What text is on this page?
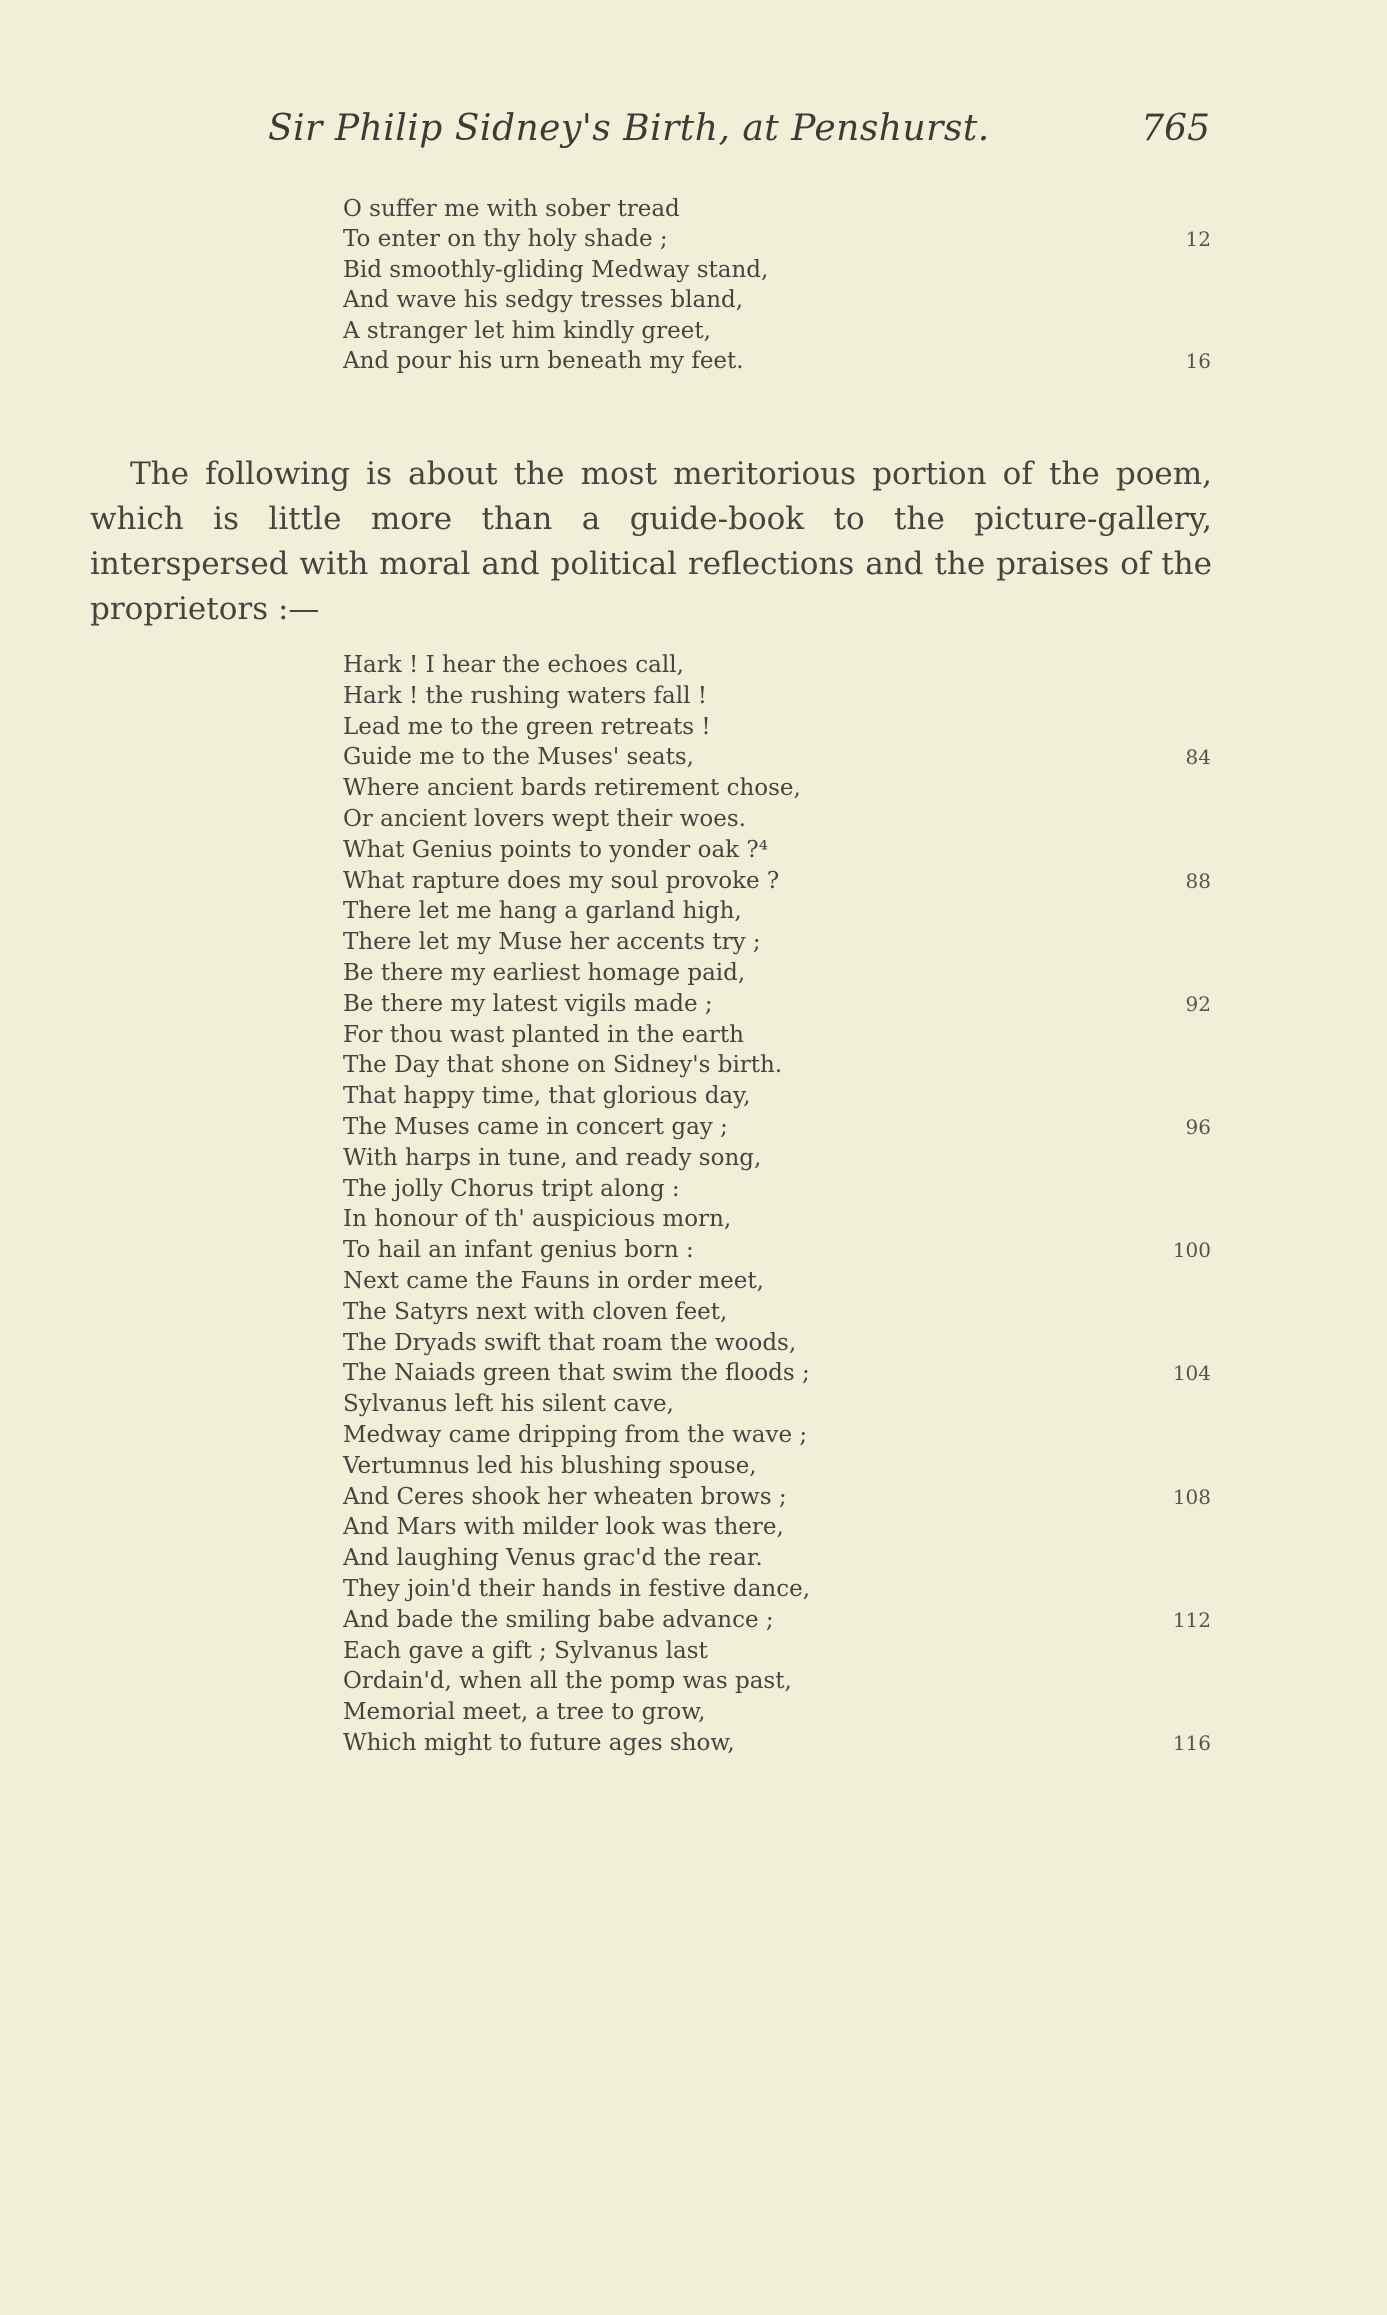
Sir Philip Sidney's Birth, at Penshurst.	765
O suffer me with sober tread
To enter on thy holy shade ;	12
Bid smoothly-gliding Medway stand,
And wave his sedgy tresses bland,
A stranger let him kindly greet,
And pour his urn beneath my feet.	16

The following is about the most meritorious portion of the poem, which is little more than a guide-book to the picture-gallery, interspersed with moral and political reflections and the praises of the proprietors :—

Hark ! I hear the echoes call,
Hark ! the rushing waters fall !
Lead me to the green retreats !
Guide me to the Muses' seats,	84
Where ancient bards retirement chose,
Or ancient lovers wept their woes.
What Genius points to yonder oak ?⁴
What rapture does my soul provoke ?	88
There let me hang a garland high,
There let my Muse her accents try ;
Be there my earliest homage paid,
Be there my latest vigils made ;	92
For thou wast planted in the earth
The Day that shone on Sidney's birth.
That happy time, that glorious day,
The Muses came in concert gay ;	96
With harps in tune, and ready song,
The jolly Chorus tript along :
In honour of th' auspicious morn,
To hail an infant genius born :	100
Next came the Fauns in order meet,
The Satyrs next with cloven feet,
The Dryads swift that roam the woods,
The Naiads green that swim the floods ;	104
Sylvanus left his silent cave,
Medway came dripping from the wave ;
Vertumnus led his blushing spouse,
And Ceres shook her wheaten brows ;	108
And Mars with milder look was there,
And laughing Venus grac'd the rear.
They join'd their hands in festive dance,
And bade the smiling babe advance ;	112
Each gave a gift ; Sylvanus last
Ordain'd, when all the pomp was past,
Memorial meet, a tree to grow,
Which might to future ages show,	116
